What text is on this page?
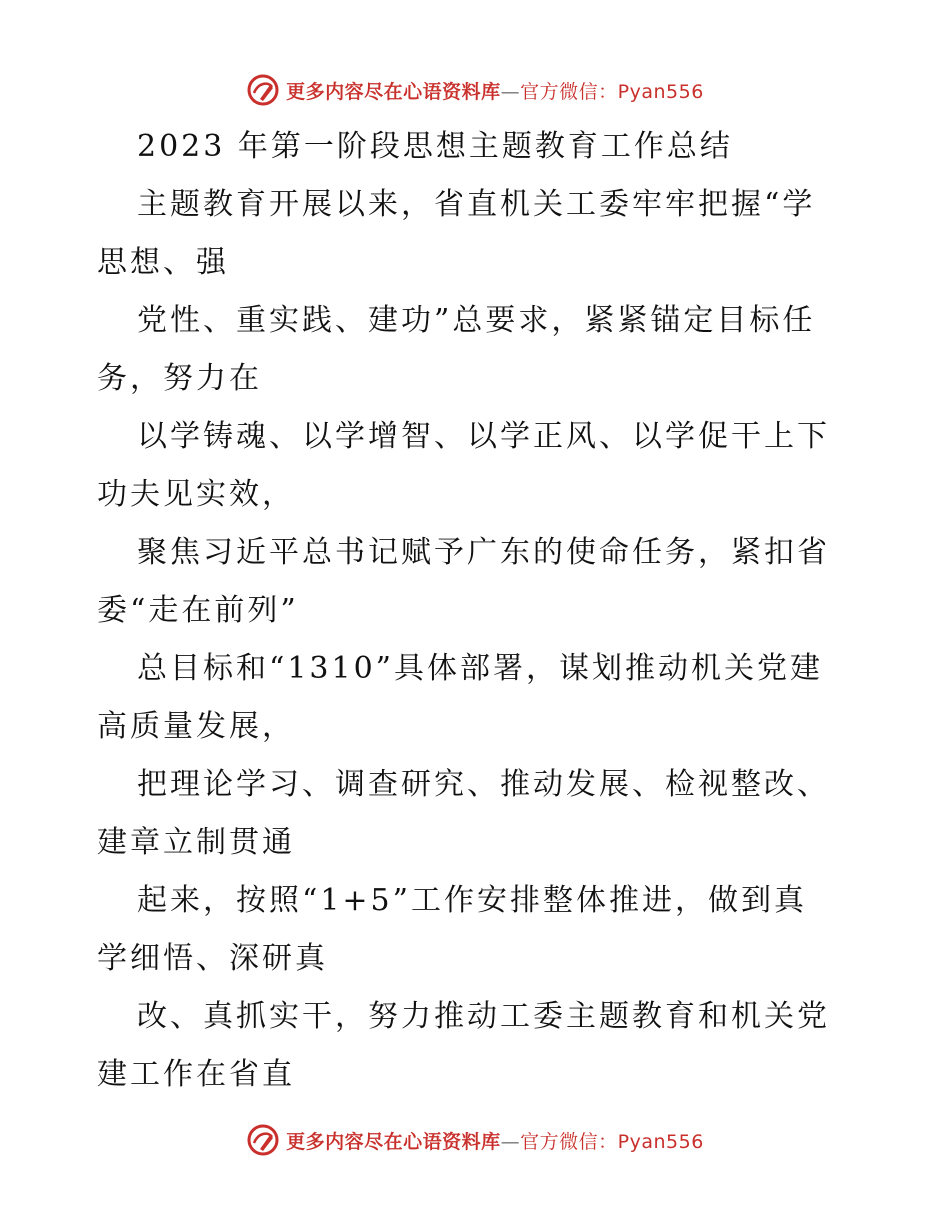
更多内容尽在心语资料库—官方微信：Pyan556
2023 年第一阶段思想主题教育工作总结

主题教育开展以来，省直机关工委牢牢把握“学
思想、强

党性、重实践、建功”总要求，紧紧锚定目标任
务，努力在

以学铸魂、以学增智、以学正风、以学促干上下
功夫见实效，

聚焦习近平总书记赋予广东的使命任务，紧扣省
委“走在前列”

总目标和“1310”具体部署，谋划推动机关党建
高质量发展，

把理论学习、调查研究、推动发展、检视整改、
建章立制贯通

起来，按照“1+5”工作安排整体推进，做到真
学细悟、深研真

改、真抓实干，努力推动工委主题教育和机关党
建工作在省直

更多内容尽在心语资料库—官方微信：Pyan556
